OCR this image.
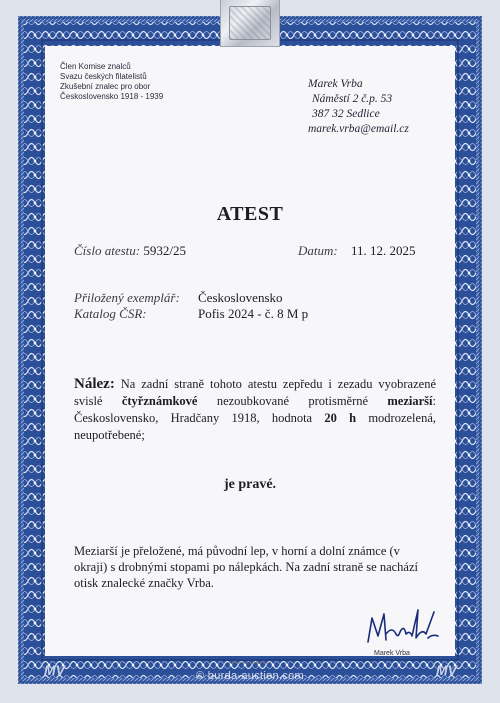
Člen Komise znalců
Svazu českých filatelistů
Zkušební znalec pro obor
Československo 1918 - 1939
Marek Vrba
Náměstí 2 č.p. 53
387 32 Sedlice
marek.vrba@email.cz
ATEST
Číslo atestu: 5932/25	Datum: 11. 12. 2025
Přiložený exemplář: Československo
Katalog ČSR:	Pofis 2024 - č. 8 M p
Nález: Na zadní straně tohoto atestu zepředu i zezadu vyobrazené svislé čtyřznámkové nezoubkované protisměrné meziarší: Československo, Hradčany 1918, hodnota 20 h modrozelená, neupotřebené;
je pravé.
Meziarší je přeložené, má původní lep, v horní a dolní známce (v okraji) s drobnými stopami po nálepkách. Na zadní straně se nachází otisk znalecké značky Vrba.
Marek Vrba
MV	MV
TISKÁRNA VRABOTKA
© burda-auction.com
